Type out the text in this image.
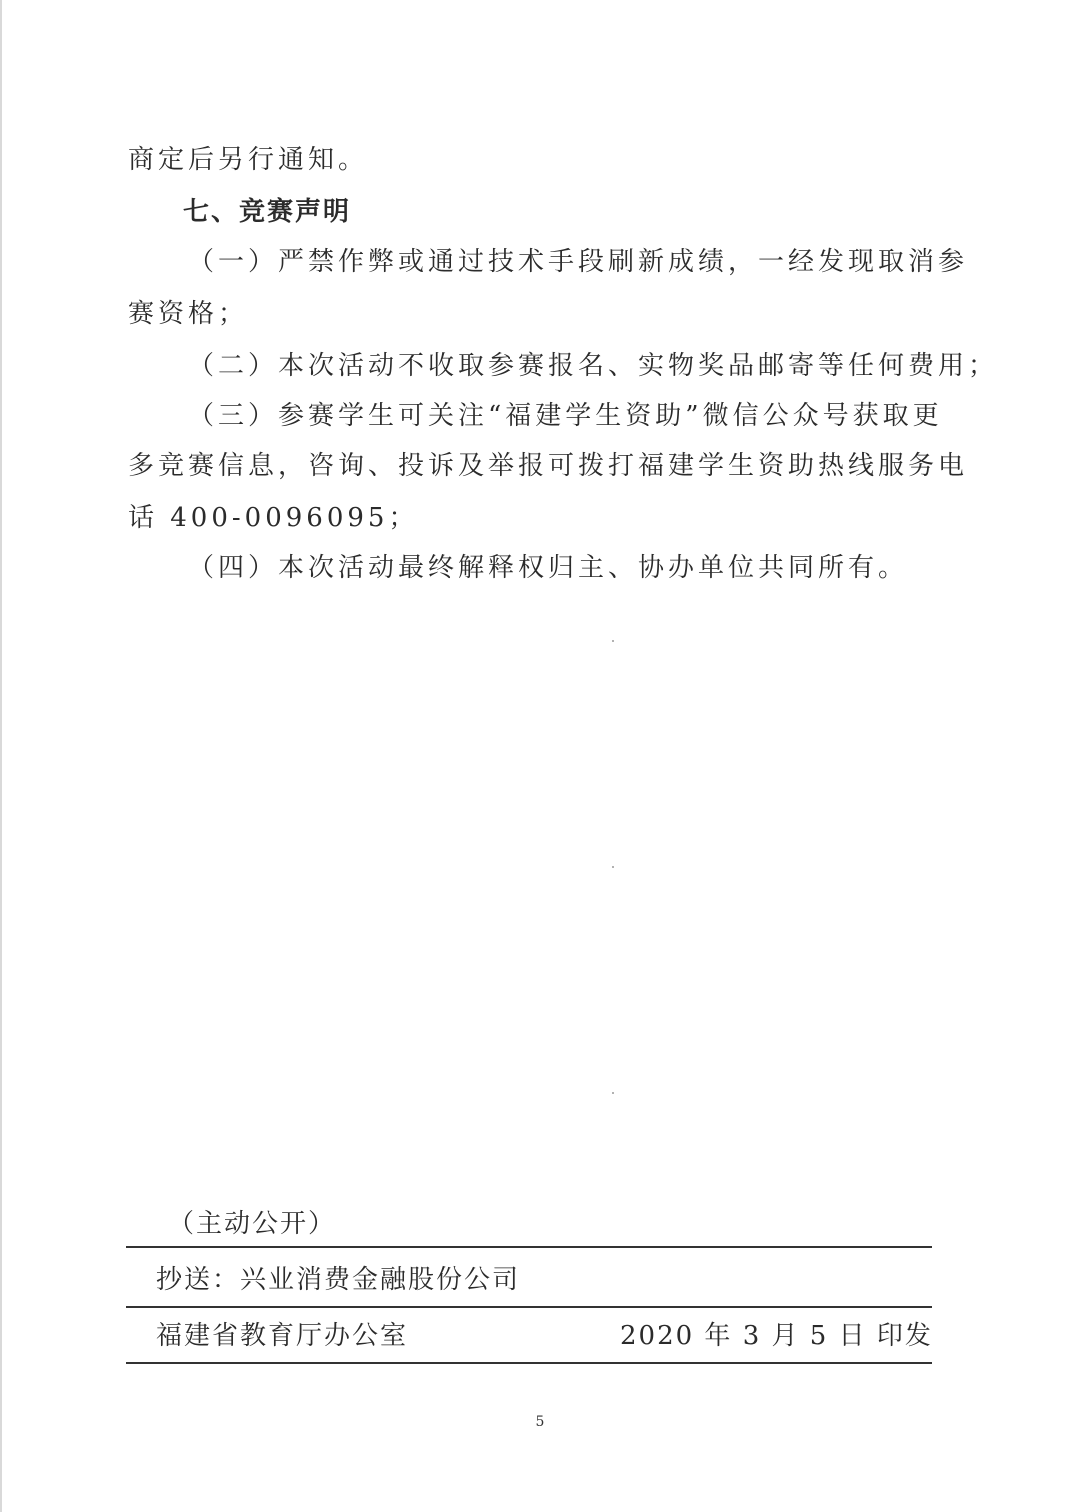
商定后另行通知。
七、竞赛声明
（一）严禁作弊或通过技术手段刷新成绩，一经发现取消参
赛资格；
（二）本次活动不收取参赛报名、实物奖品邮寄等任何费用；
（三）参赛学生可关注“福建学生资助”微信公众号获取更
多竞赛信息，咨询、投诉及举报可拨打福建学生资助热线服务电
话 400-0096095；
（四）本次活动最终解释权归主、协办单位共同所有。
（主动公开）
抄送：兴业消费金融股份公司
福建省教育厅办公室	2020 年 3 月 5 日 印发
5
